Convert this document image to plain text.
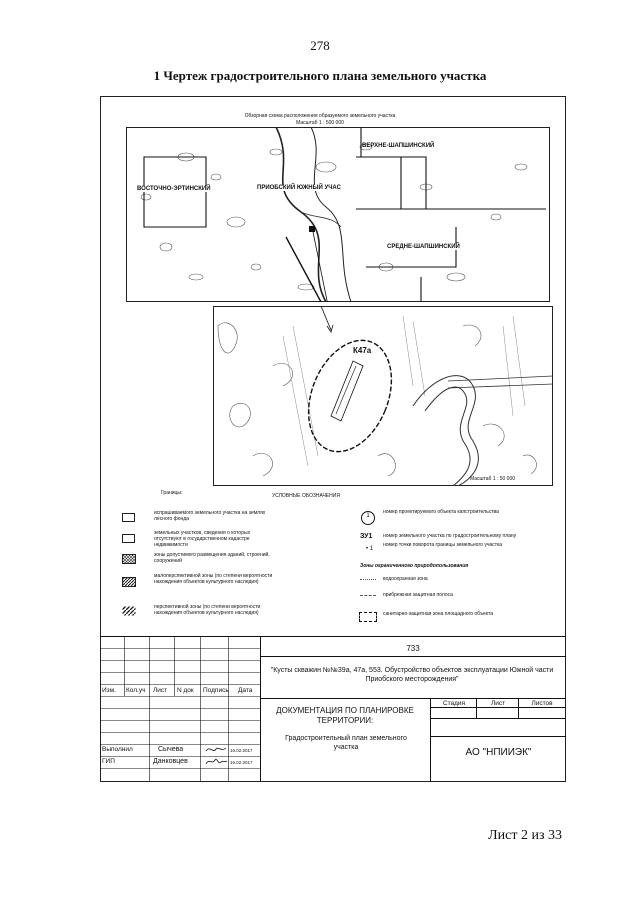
278
1 Чертеж градостроительного плана земельного участка
Обзорная схема расположения образуемого земельного участка
Масштаб 1 : 500 000
ВЕРХНЕ-ШАПШИНСКИЙ
ВОСТОЧНО-ЭРТИНСКИЙ	ПРИОБСКИЙ ЮЖНЫЙ УЧАС
СРЕДНЕ-ШАПШИНСКИЙ
К47а
Масштаб 1 : 50 000
Границы:	УСЛОВНЫЕ ОБОЗНАЧЕНИЯ
испрашиваемого земельного участка на землях лесного фонда
земельных участков, сведения о которых отсутствуют в государственном кадастре недвижимости
зоны допустимого размещения зданий, строений, сооружений
малоперспективной зоны (по степени вероятности нахождения объектов культурного наследия)
перспективной зоны (по степени вероятности нахождения объектов культурного наследия)
1
номер проектируемого объекта капстроительства
ЗУ1 номер земельного участка по градостроительному плану
• 1
номер точки поворота границы земельного участка
Зоны ограниченного природопользования
водоохранная зона
прибрежная защитная полоса
санитарно-защитная зона площадного объекта
733
"Кусты скважин №№39а, 47а, 553. Обустройство объектов эксплуатации Южной части Приобского месторождения"
Изм. Кол.уч Лист N док Подпись Дата
ДОКУМЕНТАЦИЯ ПО ПЛАНИРОВКЕ ТЕРРИТОРИИ:
Градостроительный план земельного участка
Стадия	Лист	Листов
АО "НПИИЭК"
Выполнил	Сычева	16.02.2017
ГИП	Данковцев	16.02.2017
Лист 2 из 33
